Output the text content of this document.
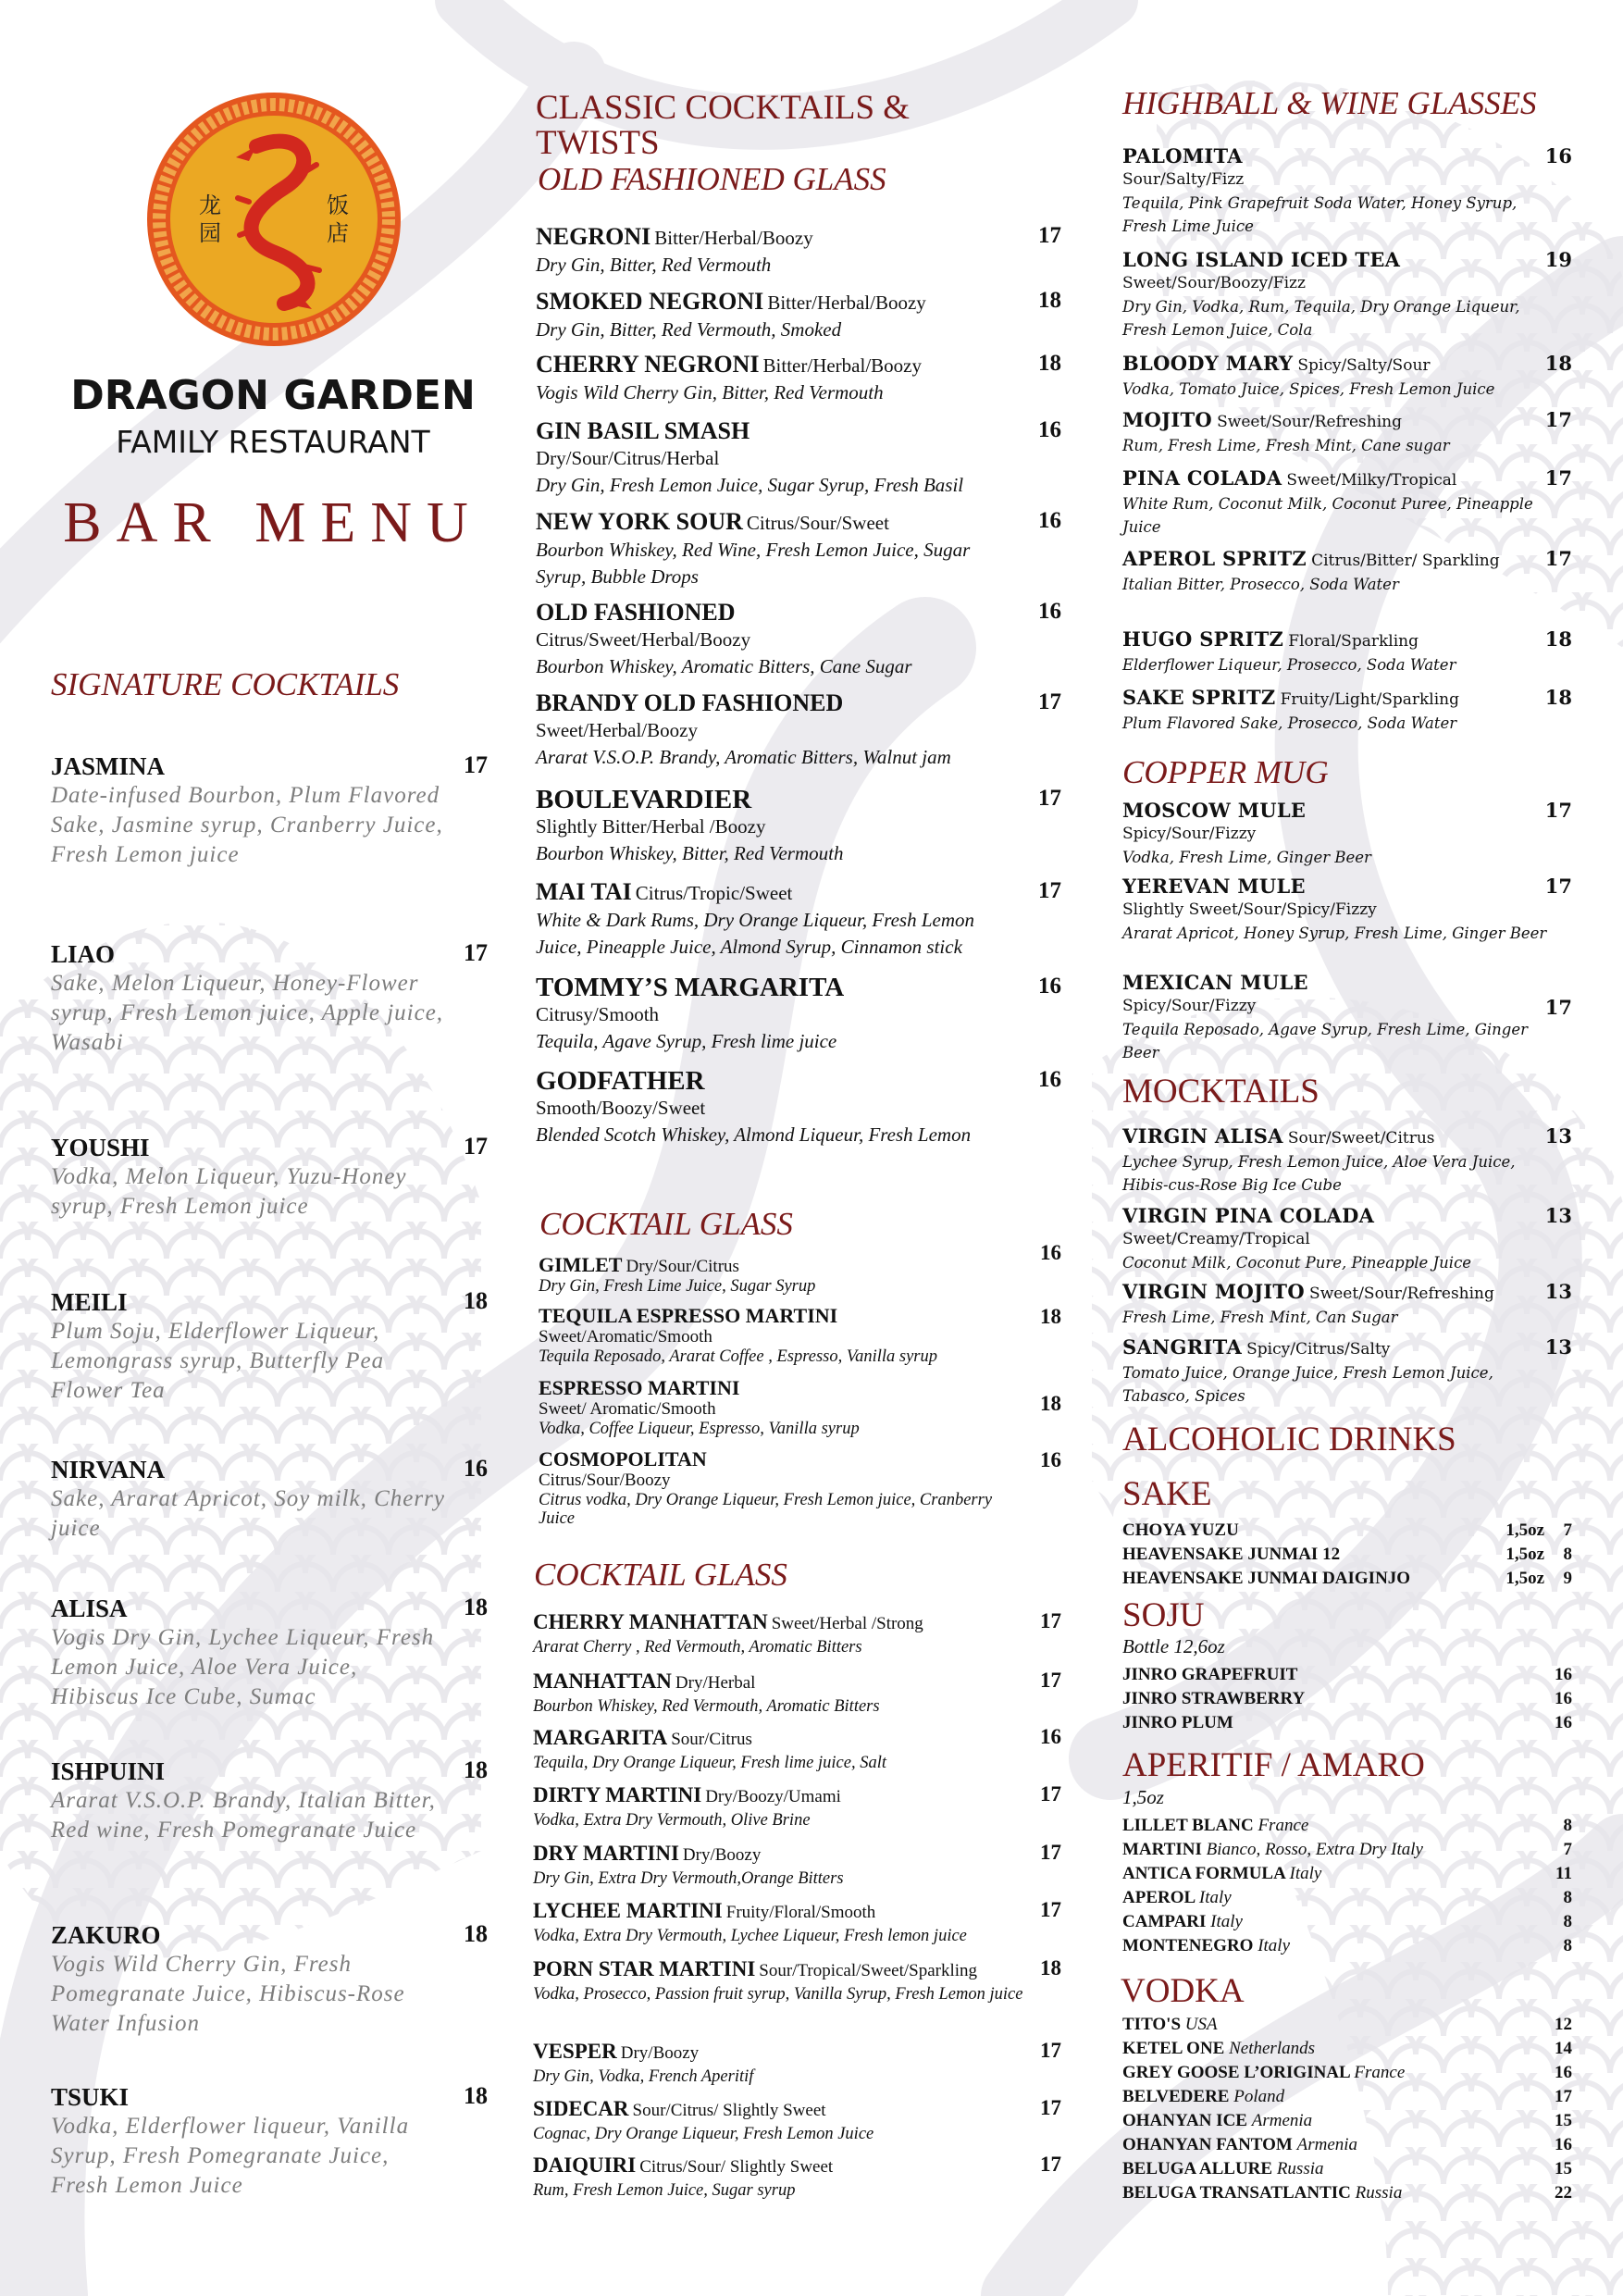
龙
园
饭
店
DRAGON GARDEN
FAMILY RESTAURANT
BAR MENU
SIGNATURE COCKTAILS
JASMINA
Date-infused Bourbon, Plum Flavored Sake, Jasmine syrup, Cranberry Juice, Fresh Lemon juice
17
LIAO
Sake, Melon Liqueur, Honey-Flower syrup, Fresh Lemon juice, Apple juice, Wasabi
17
YOUSHI
Vodka, Melon Liqueur, Yuzu-Honey syrup, Fresh Lemon juice
17
MEILI
Plum Soju, Elderflower Liqueur, Lemongrass syrup, Butterfly Pea Flower Tea
18
NIRVANA
Sake, Ararat Apricot, Soy milk, Cherry juice
16
ALISA
Vogis Dry Gin, Lychee Liqueur, Fresh Lemon Juice, Aloe Vera Juice, Hibiscus Ice Cube, Sumac
18
ISHPUINI
Ararat V.S.O.P. Brandy, Italian Bitter, Red wine, Fresh Pomegranate Juice
18
ZAKURO
Vogis Wild Cherry Gin, Fresh Pomegranate Juice, Hibiscus-Rose Water Infusion
18
TSUKI
Vodka, Elderflower liqueur, Vanilla Syrup, Fresh Pomegranate Juice, Fresh Lemon Juice
18
CLASSIC COCKTAILS &
TWISTS
OLD FASHIONED GLASS
NEGRONI Bitter/Herbal/Boozy
Dry Gin, Bitter, Red Vermouth
17
SMOKED NEGRONI Bitter/Herbal/Boozy
Dry Gin, Bitter, Red Vermouth, Smoked
18
CHERRY NEGRONI Bitter/Herbal/Boozy
Vogis Wild Cherry Gin, Bitter, Red Vermouth
18
GIN BASIL SMASH
Dry/Sour/Citrus/Herbal
Dry Gin, Fresh Lemon Juice, Sugar Syrup, Fresh Basil
16
NEW YORK SOUR Citrus/Sour/Sweet
Bourbon Whiskey, Red Wine, Fresh Lemon Juice, Sugar Syrup, Bubble Drops
16
OLD FASHIONED
Citrus/Sweet/Herbal/Boozy
Bourbon Whiskey, Aromatic Bitters, Cane Sugar
16
BRANDY OLD FASHIONED
Sweet/Herbal/Boozy
Ararat V.S.O.P. Brandy, Aromatic Bitters, Walnut jam
17
BOULEVARDIER
Slightly Bitter/Herbal /Boozy
Bourbon Whiskey, Bitter, Red Vermouth
17
MAI TAI Citrus/Tropic/Sweet
White & Dark Rums, Dry Orange Liqueur, Fresh Lemon Juice, Pineapple Juice, Almond Syrup, Cinnamon stick
17
TOMMY’S MARGARITA
Citrusy/Smooth
Tequila, Agave Syrup, Fresh lime juice
16
GODFATHER
Smooth/Boozy/Sweet
Blended Scotch Whiskey, Almond Liqueur, Fresh Lemon
16
COCKTAIL GLASS
GIMLET Dry/Sour/Citrus
Dry Gin, Fresh Lime Juice, Sugar Syrup
16
TEQUILA ESPRESSO MARTINI
Sweet/Aromatic/Smooth
Tequila Reposado, Ararat Coffee , Espresso, Vanilla syrup
18
ESPRESSO MARTINI
Sweet/ Aromatic/Smooth
Vodka, Coffee Liqueur, Espresso, Vanilla syrup
18
COSMOPOLITAN
Citrus/Sour/Boozy
Citrus vodka, Dry Orange Liqueur, Fresh Lemon juice, Cranberry Juice
16
COCKTAIL GLASS
CHERRY MANHATTAN Sweet/Herbal /Strong
Ararat Cherry , Red Vermouth, Aromatic Bitters
17
MANHATTAN Dry/Herbal
Bourbon Whiskey, Red Vermouth, Aromatic Bitters
17
MARGARITA Sour/Citrus
Tequila, Dry Orange Liqueur, Fresh lime juice, Salt
16
DIRTY MARTINI Dry/Boozy/Umami
Vodka, Extra Dry Vermouth, Olive Brine
17
DRY MARTINI Dry/Boozy
Dry Gin, Extra Dry Vermouth,Orange Bitters
17
LYCHEE MARTINI Fruity/Floral/Smooth
Vodka, Extra Dry Vermouth, Lychee Liqueur, Fresh lemon juice
17
PORN STAR MARTINI Sour/Tropical/Sweet/Sparkling
Vodka, Prosecco, Passion fruit syrup, Vanilla Syrup, Fresh Lemon juice
18
VESPER Dry/Boozy
Dry Gin, Vodka, French Aperitif
17
SIDECAR Sour/Citrus/ Slightly Sweet
Cognac, Dry Orange Liqueur, Fresh Lemon Juice
17
DAIQUIRI Citrus/Sour/ Slightly Sweet
Rum, Fresh Lemon Juice, Sugar syrup
17
HIGHBALL & WINE GLASSES
PALOMITA
Sour/Salty/Fizz
Tequila, Pink Grapefruit Soda Water, Honey Syrup, Fresh Lime Juice
16
LONG ISLAND ICED TEA
Sweet/Sour/Boozy/Fizz
Dry Gin, Vodka, Rum, Tequila, Dry Orange Liqueur, Fresh Lemon Juice, Cola
19
BLOODY MARY Spicy/Salty/Sour
Vodka, Tomato Juice, Spices, Fresh Lemon Juice
18
MOJITO Sweet/Sour/Refreshing
Rum, Fresh Lime, Fresh Mint, Cane sugar
17
PINA COLADA Sweet/Milky/Tropical
White Rum, Coconut Milk, Coconut Puree, Pineapple Juice
17
APEROL SPRITZ Citrus/Bitter/ Sparkling
Italian Bitter, Prosecco, Soda Water
17
HUGO SPRITZ Floral/Sparkling
Elderflower Liqueur, Prosecco, Soda Water
18
SAKE SPRITZ Fruity/Light/Sparkling
Plum Flavored Sake, Prosecco, Soda Water
18
COPPER MUG
MOSCOW MULE
Spicy/Sour/Fizzy
Vodka, Fresh Lime, Ginger Beer
17
YEREVAN MULE
Slightly Sweet/Sour/Spicy/Fizzy
Ararat Apricot, Honey Syrup, Fresh Lime, Ginger Beer
17
MEXICAN MULE
Spicy/Sour/Fizzy
Tequila Reposado, Agave Syrup, Fresh Lime, Ginger Beer
17
MOCKTAILS
VIRGIN ALISA Sour/Sweet/Citrus
Lychee Syrup, Fresh Lemon Juice, Aloe Vera Juice, Hibis-cus-Rose Big Ice Cube
13
VIRGIN PINA COLADA Sweet/Creamy/Tropical
Coconut Milk, Coconut Pure, Pineapple Juice
13
VIRGIN MOJITO Sweet/Sour/Refreshing
Fresh Lime, Fresh Mint, Can Sugar
13
SANGRITA Spicy/Citrus/Salty
Tomato Juice, Orange Juice, Fresh Lemon Juice, Tabasco, Spices
13
ALCOHOLIC DRINKS
SAKE
CHOYA YUZU	1,5oz 7
HEAVENSAKE JUNMAI 12	1,5oz 8
HEAVENSAKE JUNMAI DAIGINJO	1,5oz 9
SOJU
Bottle 12,6oz
JINRO GRAPEFRUIT	16
JINRO STRAWBERRY	16
JINRO PLUM	16
APERITIF / AMARO
1,5oz
LILLET BLANC France	8
MARTINI Bianco, Rosso, Extra Dry Italy	7
ANTICA FORMULA Italy	11
APEROL Italy	8
CAMPARI Italy	8
MONTENEGRO Italy	8
VODKA
TITO'S USA	12
KETEL ONE Netherlands	14
GREY GOOSE L’ORIGINAL France	16
BELVEDERE Poland	17
OHANYAN ICE Armenia	15
OHANYAN FANTOM Armenia	16
BELUGA ALLURE Russia	15
BELUGA TRANSATLANTIC Russia	22
